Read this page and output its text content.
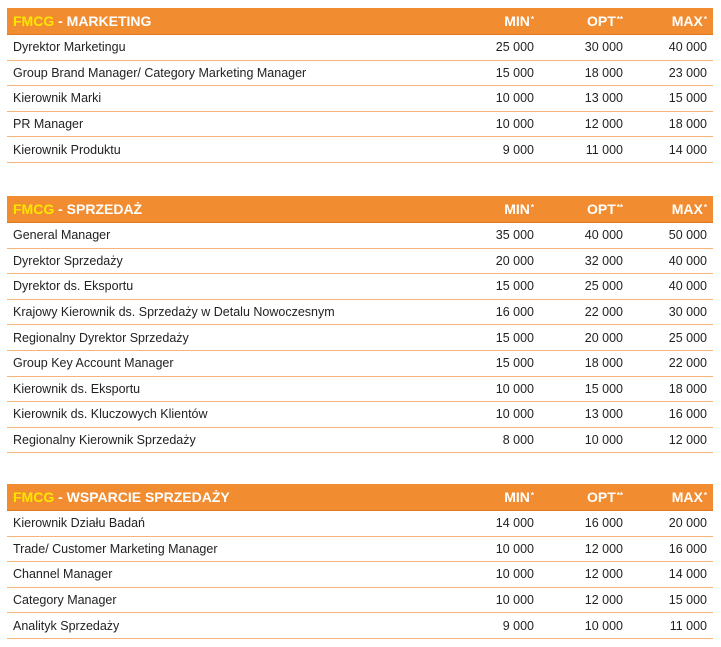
FMCG - MARKETING	MIN*	OPT**	MAX*
Dyrektor Marketingu	25 000	30 000	40 000
Group Brand Manager/ Category Marketing Manager	15 000	18 000	23 000
Kierownik Marki	10 000	13 000	15 000
PR Manager	10 000	12 000	18 000
Kierownik Produktu	9 000	11 000	14 000
FMCG - SPRZEDAŻ	MIN*	OPT**	MAX*
General Manager	35 000	40 000	50 000
Dyrektor Sprzedaży	20 000	32 000	40 000
Dyrektor ds. Eksportu	15 000	25 000	40 000
Krajowy Kierownik ds. Sprzedaży w Detalu Nowoczesnym	16 000	22 000	30 000
Regionalny Dyrektor Sprzedaży	15 000	20 000	25 000
Group Key Account Manager	15 000	18 000	22 000
Kierownik ds. Eksportu	10 000	15 000	18 000
Kierownik ds. Kluczowych Klientów	10 000	13 000	16 000
Regionalny Kierownik Sprzedaży	8 000	10 000	12 000
FMCG - WSPARCIE SPRZEDAŻY	MIN*	OPT**	MAX*
Kierownik Działu Badań	14 000	16 000	20 000
Trade/ Customer Marketing Manager	10 000	12 000	16 000
Channel Manager	10 000	12 000	14 000
Category Manager	10 000	12 000	15 000
Analityk Sprzedaży	9 000	10 000	11 000
